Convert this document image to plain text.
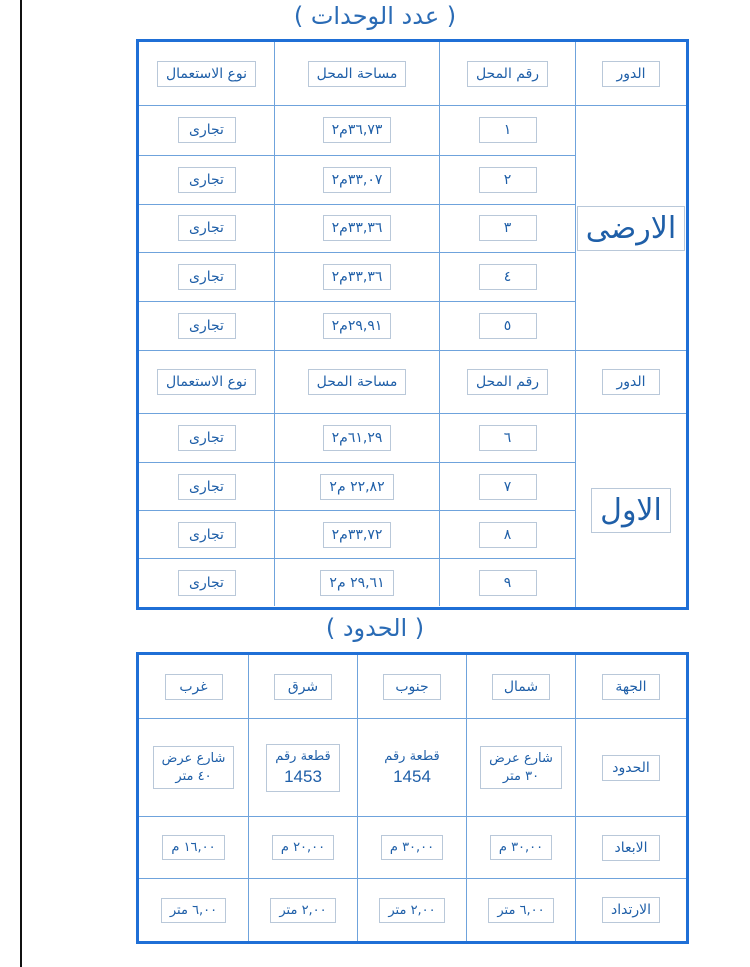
( عدد الوحدات )
الدور
رقم المحل
مساحة المحل
نوع الاستعمال
الارضى
١
٣٦,٧٣م٢
تجارى
٢
٣٣,٠٧م٢
تجارى
٣
٣٣,٣٦م٢
تجارى
٤
٣٣,٣٦م٢
تجارى
٥
٢٩,٩١م٢
تجارى
الدور
رقم المحل
مساحة المحل
نوع الاستعمال
الاول
٦
٦١,٢٩م٢
تجارى
٧
٢٢,٨٢ م٢
تجارى
٨
٣٣,٧٢م٢
تجارى
٩
٢٩,٦١ م٢
تجارى
( الحدود )
الجهة
شمال
جنوب
شرق
غرب
الحدود
شارع عرض
٣٠ متر
قطعة رقم
1454
قطعة رقم
1453
شارع عرض
٤٠ متر
الابعاد
٣٠,٠٠ م
٣٠,٠٠ م
٢٠,٠٠ م
١٦,٠٠ م
الارتداد
٦,٠٠ متر
٢,٠٠ متر
٢,٠٠ متر
٦,٠٠ متر
